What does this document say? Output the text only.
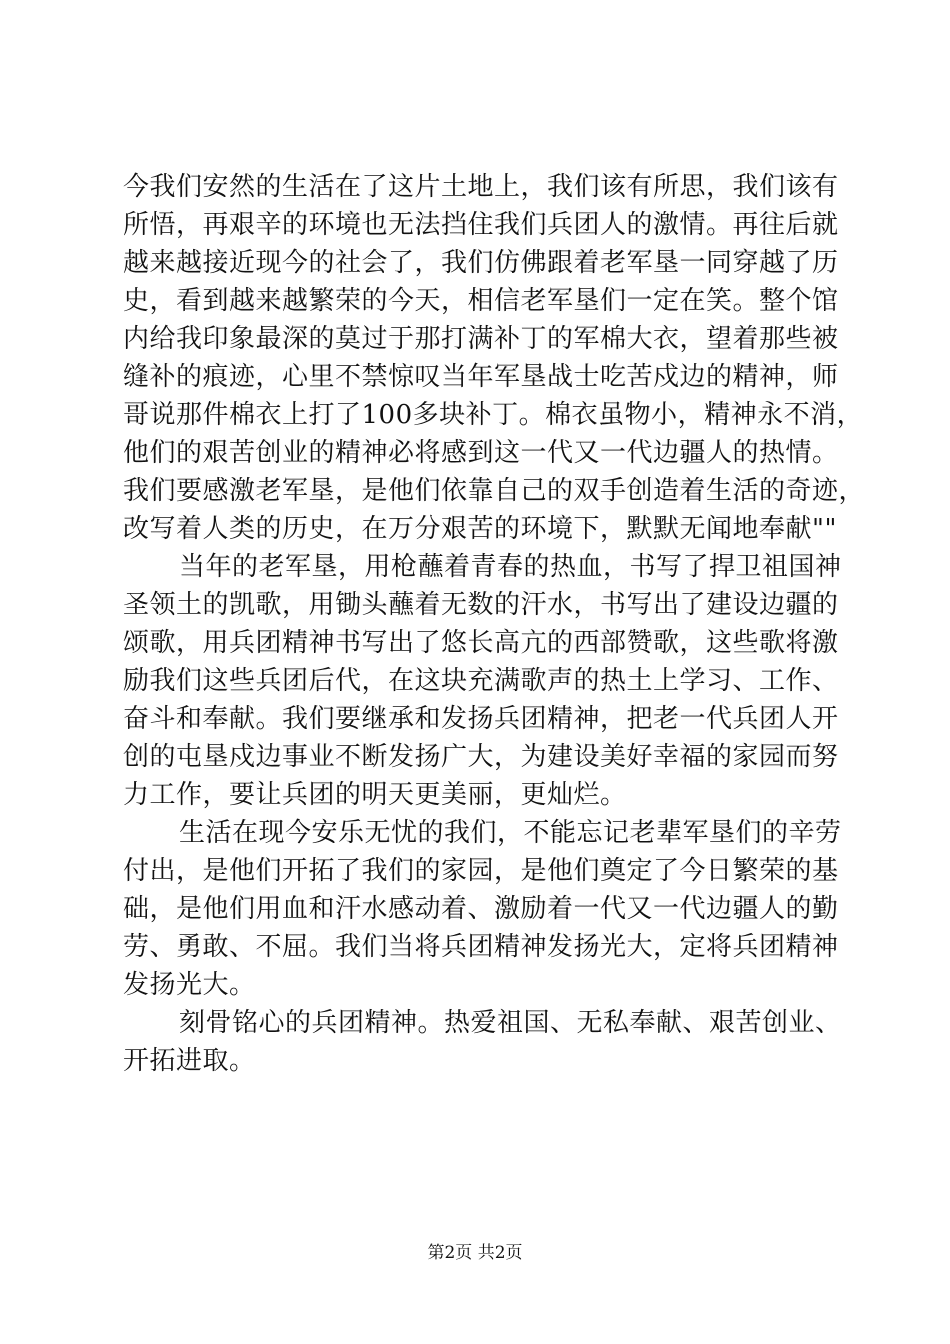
今我们安然的生活在了这片土地上，我们该有所思，我们该有
所悟，再艰辛的环境也无法挡住我们兵团人的激情。再往后就
越来越接近现今的社会了，我们仿佛跟着老军垦一同穿越了历
史，看到越来越繁荣的今天，相信老军垦们一定在笑。整个馆
内给我印象最深的莫过于那打满补丁的军棉大衣，望着那些被
缝补的痕迹，心里不禁惊叹当年军垦战士吃苦戍边的精神，师
哥说那件棉衣上打了100多块补丁。棉衣虽物小，精神永不消，
他们的艰苦创业的精神必将感到这一代又一代边疆人的热情。
我们要感激老军垦，是他们依靠自己的双手创造着生活的奇迹，
改写着人类的历史，在万分艰苦的环境下，默默无闻地奉献""
当年的老军垦，用枪蘸着青春的热血，书写了捍卫祖国神
圣领土的凯歌，用锄头蘸着无数的汗水，书写出了建设边疆的
颂歌，用兵团精神书写出了悠长高亢的西部赞歌，这些歌将激
励我们这些兵团后代，在这块充满歌声的热土上学习、工作、
奋斗和奉献。我们要继承和发扬兵团精神，把老一代兵团人开
创的屯垦戍边事业不断发扬广大，为建设美好幸福的家园而努
力工作，要让兵团的明天更美丽，更灿烂。
生活在现今安乐无忧的我们，不能忘记老辈军垦们的辛劳
付出，是他们开拓了我们的家园，是他们奠定了今日繁荣的基
础，是他们用血和汗水感动着、激励着一代又一代边疆人的勤
劳、勇敢、不屈。我们当将兵团精神发扬光大，定将兵团精神
发扬光大。
刻骨铭心的兵团精神。热爱祖国、无私奉献、艰苦创业、
开拓进取。
第2页 共2页
